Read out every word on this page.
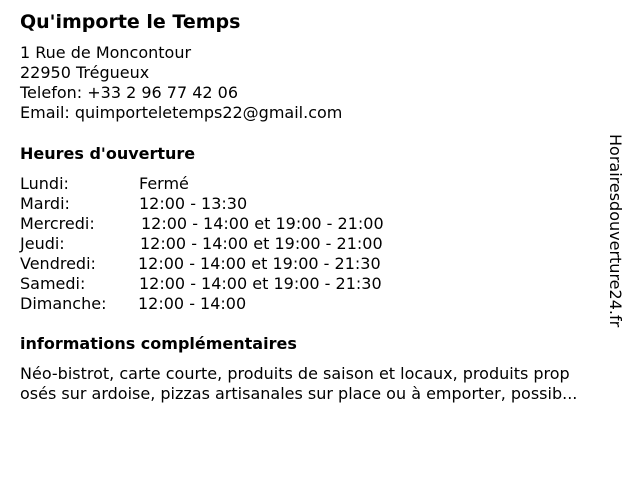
Qu'importe le Temps
1 Rue de Moncontour
22950 Trégueux
Telefon: +33 2 96 77 42 06
Email: quimporteletemps22@gmail.com
Heures d'ouverture
Lundi:	Fermé
Mardi:	12:00 - 13:30
Mercredi:	12:00 - 14:00 et 19:00 - 21:00
Jeudi:	12:00 - 14:00 et 19:00 - 21:00
Vendredi:	12:00 - 14:00 et 19:00 - 21:30
Samedi:	12:00 - 14:00 et 19:00 - 21:30
Dimanche: 12:00 - 14:00
informations complémentaires
Néo-bistrot, carte courte, produits de saison et locaux, produits prop
osés sur ardoise, pizzas artisanales sur place ou à emporter, possib...
Horairesdouverture24.fr
